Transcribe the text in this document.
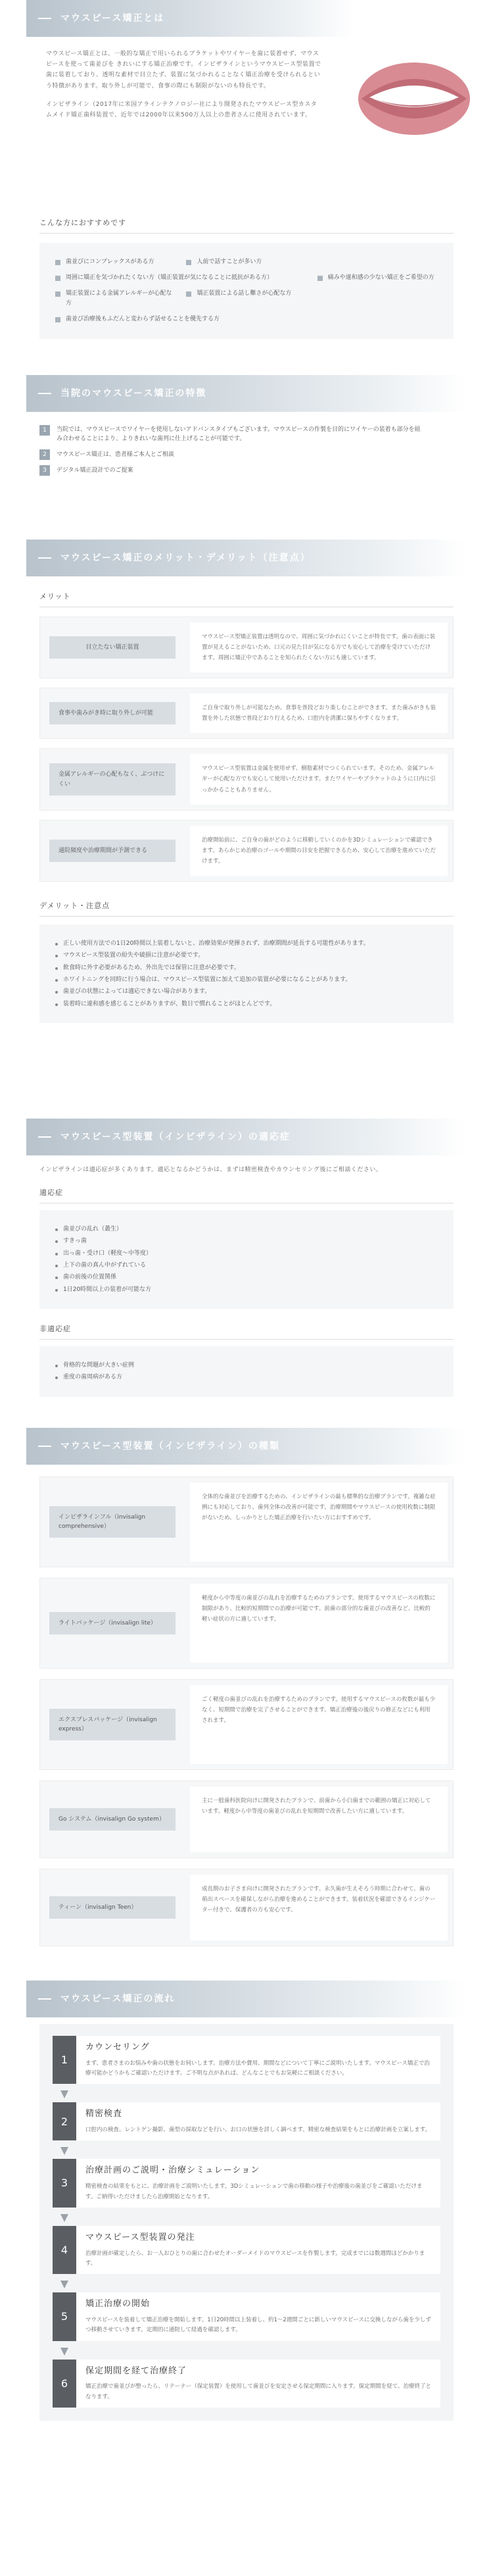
マウスピース矯正とは
マウスピース矯正とは、一般的な矯正で用いられるブラケットやワイヤーを歯に装着せず、マウスピースを使って歯並びを きれいにする矯正治療です。インビザラインというマウスピース型装置で歯に装着しており、透明な素材で目立たず、装置に気づかれることなく矯正治療を受けられるという特徴があります。取り外しが可能で、食事の際にも制限がないのも特長です。
インビザライン（2017年に米国アラインテクノロジー社により開発されたマウスピース型カスタムメイド矯正歯科装置で、近年では2000年以来500万人以上の患者さんに使用されています。
こんな方におすすめです
歯並びにコンプレックスがある方	人前で話すことが多い方
周囲に矯正を気づかれたくない方（矯正装置が気になることに抵抗がある方）	痛みや違和感の少ない矯正をご希望の方
矯正装置による金属アレルギーが心配な方
矯正装置による話し難さが心配な方
歯並び治療後もふだんと変わらず話せることを優先する方
当院のマウスピース矯正の特徴
1	当院では、マウスピースでワイヤーを使用しないアドバンスタイプもございます。マウスピースの作製を目的にワイヤーの装着も部分を組み合わせることにより、よりきれいな歯列に仕上げることが可能です。
2	マウスピース矯正は、患者様ご本人とご相談
3	デジタル矯正設計でのご提案
マウスピース矯正のメリット・デメリット（注意点）
メリット
目立たない矯正装置
マウスピース型矯正装置は透明なので、周囲に気づかれにくいことが特長です。歯の表面に装置が見えることがないため、口元の見た目が気になる方でも安心して治療を受けていただけます。周囲に矯正中であることを知られたくない方にも適しています。
食事や歯みがき時に取り外しが可能
ご自身で取り外しが可能なため、食事を普段どおり楽しむことができます。また歯みがきも装置を外した状態で普段どおり行えるため、口腔内を清潔に保ちやすくなります。
金属アレルギーの心配もなく、ぶつけにくい
マウスピース型装置は金属を使用せず、樹脂素材でつくられています。そのため、金属アレルギーが心配な方でも安心して使用いただけます。またワイヤーやブラケットのように口内に引っかかることもありません。
通院頻度や治療期間が予測できる
治療開始前に、ご自身の歯がどのように移動していくのかを3Dシミュレーションで確認できます。あらかじめ治療のゴールや期間の目安を把握できるため、安心して治療を進めていただけます。
デメリット・注意点
正しい使用方法での1日20時間以上装着しないと、治療効果が発揮されず、治療期間が延長する可能性があります。
マウスピース型装置の紛失や破損に注意が必要です。
飲食時に外す必要があるため、外出先では保管に注意が必要です。
ホワイトニングを同時に行う場合は、マウスピース型装置に加えて追加の装置が必要になることがあります。
歯並びの状態によっては適応できない場合があります。
装着時に違和感を感じることがありますが、数日で慣れることがほとんどです。
マウスピース型装置（インビザライン）の適応症
インビザラインは適応症が多くあります。適応となるかどうかは、まずは精密検査やカウンセリング後にご相談ください。
適応症
歯並びの乱れ（叢生）
すきっ歯
出っ歯・受け口（軽度〜中等度）
上下の歯の真ん中がずれている
歯の前後の位置関係
1日20時間以上の装着が可能な方
非適応症
骨格的な問題が大きい症例
重度の歯周病がある方
マウスピース型装置（インビザライン）の種類
インビザラインフル（invisalign comprehensive）
全体的な歯並びを治療するための、インビザラインの最も標準的な治療プランです。複雑な症例にも対応しており、歯列全体の改善が可能です。治療期間やマウスピースの使用枚数に制限がないため、しっかりとした矯正治療を行いたい方におすすめです。
ライトパッケージ（invisalign lite）
軽度から中等度の歯並びの乱れを治療するためのプランです。使用するマウスピースの枚数に制限があり、比較的短期間での治療が可能です。前歯の部分的な歯並びの改善など、比較的軽い症状の方に適しています。
エクスプレスパッケージ（invisalign express）
ごく軽度の歯並びの乱れを治療するためのプランです。使用するマウスピースの枚数が最も少なく、短期間で治療を完了させることができます。矯正治療後の後戻りの修正などにも利用されます。
Go システム（invisalign Go system）
主に一般歯科医院向けに開発されたプランで、前歯から小臼歯までの範囲の矯正に対応しています。軽度から中等度の歯並びの乱れを短期間で改善したい方に適しています。
ティーン（invisalign Teen）
成長期のお子さま向けに開発されたプランです。永久歯が生えそろう時期に合わせて、歯の萌出スペースを確保しながら治療を進めることができます。装着状況を確認できるインジケーター付きで、保護者の方も安心です。
マウスピース矯正の流れ
1
カウンセリング
まず、患者さまのお悩みや歯の状態をお伺いします。治療方法や費用、期間などについて丁寧にご説明いたします。マウスピース矯正で治療可能かどうかもご確認いただけます。ご不明な点があれば、どんなことでもお気軽にご相談ください。
2
精密検査
口腔内の検査、レントゲン撮影、歯型の採取などを行い、お口の状態を詳しく調べます。精密な検査結果をもとに治療計画を立案します。
3
治療計画のご説明・治療シミュレーション
精密検査の結果をもとに、治療計画をご説明いたします。3Dシミュレーションで歯の移動の様子や治療後の歯並びをご確認いただけます。ご納得いただけましたら治療開始となります。
4
マウスピース型装置の発注
治療計画が確定したら、お一人おひとりの歯に合わせたオーダーメイドのマウスピースを作製します。完成までには数週間ほどかかります。
5
矯正治療の開始
マウスピースを装着して矯正治療を開始します。1日20時間以上装着し、約1〜2週間ごとに新しいマウスピースに交換しながら歯を少しずつ移動させていきます。定期的に通院して経過を確認します。
6
保定期間を経て治療終了
矯正治療で歯並びが整ったら、リテーナー（保定装置）を使用して歯並びを安定させる保定期間に入ります。保定期間を経て、治療終了となります。
